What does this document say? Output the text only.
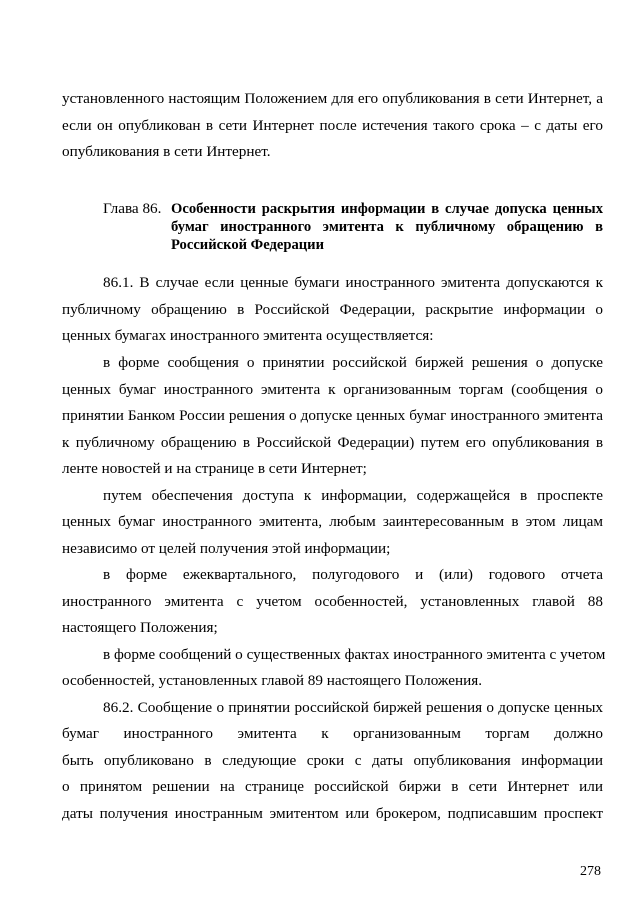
установленного настоящим Положением для его опубликования в сети Интернет, а
если он опубликован в сети Интернет после истечения такого срока – с даты его
опубликования в сети Интернет.
Глава 86. Особенности раскрытия информации в случае допуска ценных
бумаг иностранного эмитента к публичному обращению в
Российской Федерации
86.1. В случае если ценные бумаги иностранного эмитента допускаются к
публичному обращению в Российской Федерации, раскрытие информации о
ценных бумагах иностранного эмитента осуществляется:
в форме сообщения о принятии российской биржей решения о допуске
ценных бумаг иностранного эмитента к организованным торгам (сообщения о
принятии Банком России решения о допуске ценных бумаг иностранного эмитента
к публичному обращению в Российской Федерации) путем его опубликования в
ленте новостей и на странице в сети Интернет;
путем обеспечения доступа к информации, содержащейся в проспекте
ценных бумаг иностранного эмитента, любым заинтересованным в этом лицам
независимо от целей получения этой информации;
в форме ежеквартального, полугодового и (или) годового отчета
иностранного эмитента с учетом особенностей, установленных главой 88
настоящего Положения;
в форме сообщений о существенных фактах иностранного эмитента с учетом
особенностей, установленных главой 89 настоящего Положения.
86.2. Сообщение о принятии российской биржей решения о допуске ценных
бумаг иностранного эмитента к организованным торгам должно
быть опубликовано в следующие сроки с даты опубликования информации
о принятом решении на странице российской биржи в сети Интернет или
даты получения иностранным эмитентом или брокером, подписавшим проспект
278
